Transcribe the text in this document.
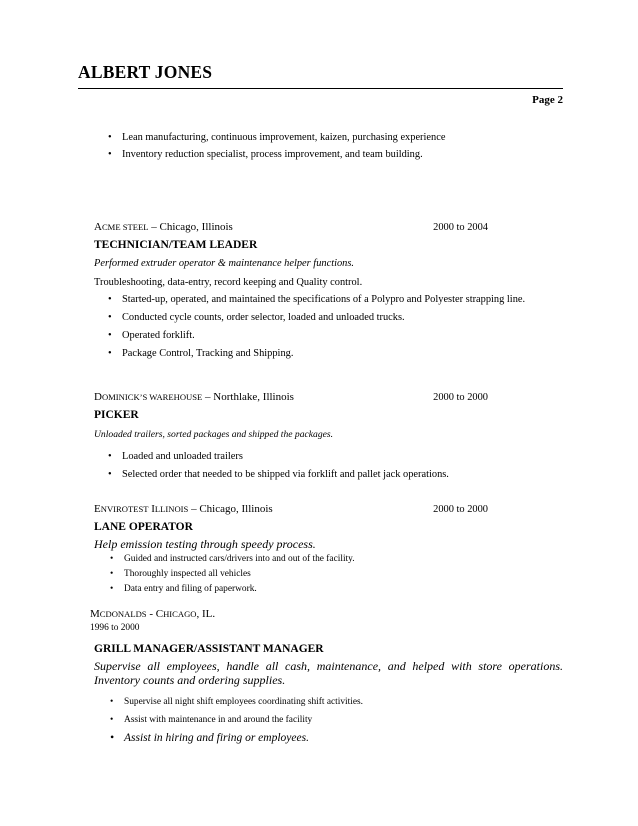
ALBERT JONES
Page 2
• Lean manufacturing, continuous improvement, kaizen, purchasing experience
• Inventory reduction specialist, process improvement, and team building.
ACME STEEL – Chicago, Illinois	2000 to 2004
TECHNICIAN/TEAM LEADER
Performed extruder operator & maintenance helper functions.
Troubleshooting, data-entry, record keeping and Quality control.
• Started-up, operated, and maintained the specifications of a Polypro and Polyester strapping line.
• Conducted cycle counts, order selector, loaded and unloaded trucks.
• Operated forklift.
• Package Control, Tracking and Shipping.
DOMINICK’S WAREHOUSE – Northlake, Illinois	2000 to 2000
PICKER
Unloaded trailers, sorted packages and shipped the packages.
• Loaded and unloaded trailers
• Selected order that needed to be shipped via forklift and pallet jack operations.
ENVIROTEST ILLINOIS – Chicago, Illinois	2000 to 2000
LANE OPERATOR
Help emission testing through speedy process.
• Guided and instructed cars/drivers into and out of the facility.
• Thoroughly inspected all vehicles
• Data entry and filing of paperwork.
MCDONALDS - CHICAGO, IL.
1996 to 2000
GRILL MANAGER/ASSISTANT MANAGER
Supervise all employees, handle all cash, maintenance, and helped with store operations. Inventory counts and ordering supplies.
• Supervise all night shift employees coordinating shift activities.
• Assist with maintenance in and around the facility
• Assist in hiring and firing or employees.
